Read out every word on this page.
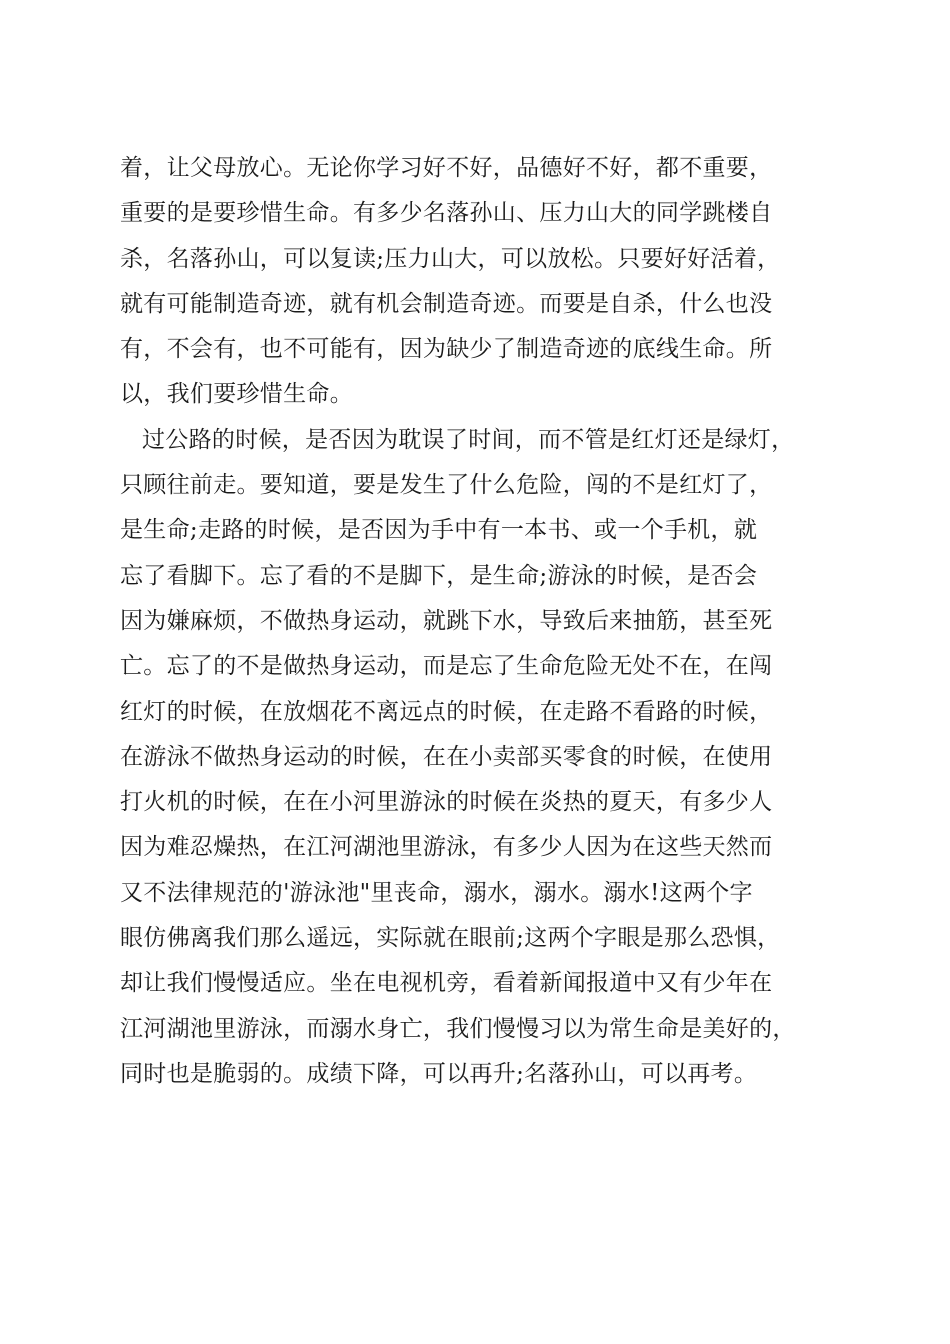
着，让父母放心。无论你学习好不好，品德好不好，都不重要，
重要的是要珍惜生命。有多少名落孙山、压力山大的同学跳楼自
杀，名落孙山，可以复读;压力山大，可以放松。只要好好活着，
就有可能制造奇迹，就有机会制造奇迹。而要是自杀，什么也没
有，不会有，也不可能有，因为缺少了制造奇迹的底线生命。所
以，我们要珍惜生命。
过公路的时候，是否因为耽误了时间，而不管是红灯还是绿灯，
只顾往前走。要知道，要是发生了什么危险，闯的不是红灯了，
是生命;走路的时候，是否因为手中有一本书、或一个手机，就
忘了看脚下。忘了看的不是脚下，是生命;游泳的时候，是否会
因为嫌麻烦，不做热身运动，就跳下水，导致后来抽筋，甚至死
亡。忘了的不是做热身运动，而是忘了生命危险无处不在，在闯
红灯的时候，在放烟花不离远点的时候，在走路不看路的时候，
在游泳不做热身运动的时候，在在小卖部买零食的时候，在使用
打火机的时候，在在小河里游泳的时候在炎热的夏天，有多少人
因为难忍燥热，在江河湖池里游泳，有多少人因为在这些天然而
又不法律规范的'游泳池"里丧命，溺水，溺水。溺水!这两个字
眼仿佛离我们那么遥远，实际就在眼前;这两个字眼是那么恐惧，
却让我们慢慢适应。坐在电视机旁，看着新闻报道中又有少年在
江河湖池里游泳，而溺水身亡，我们慢慢习以为常生命是美好的，
同时也是脆弱的。成绩下降，可以再升;名落孙山，可以再考。
